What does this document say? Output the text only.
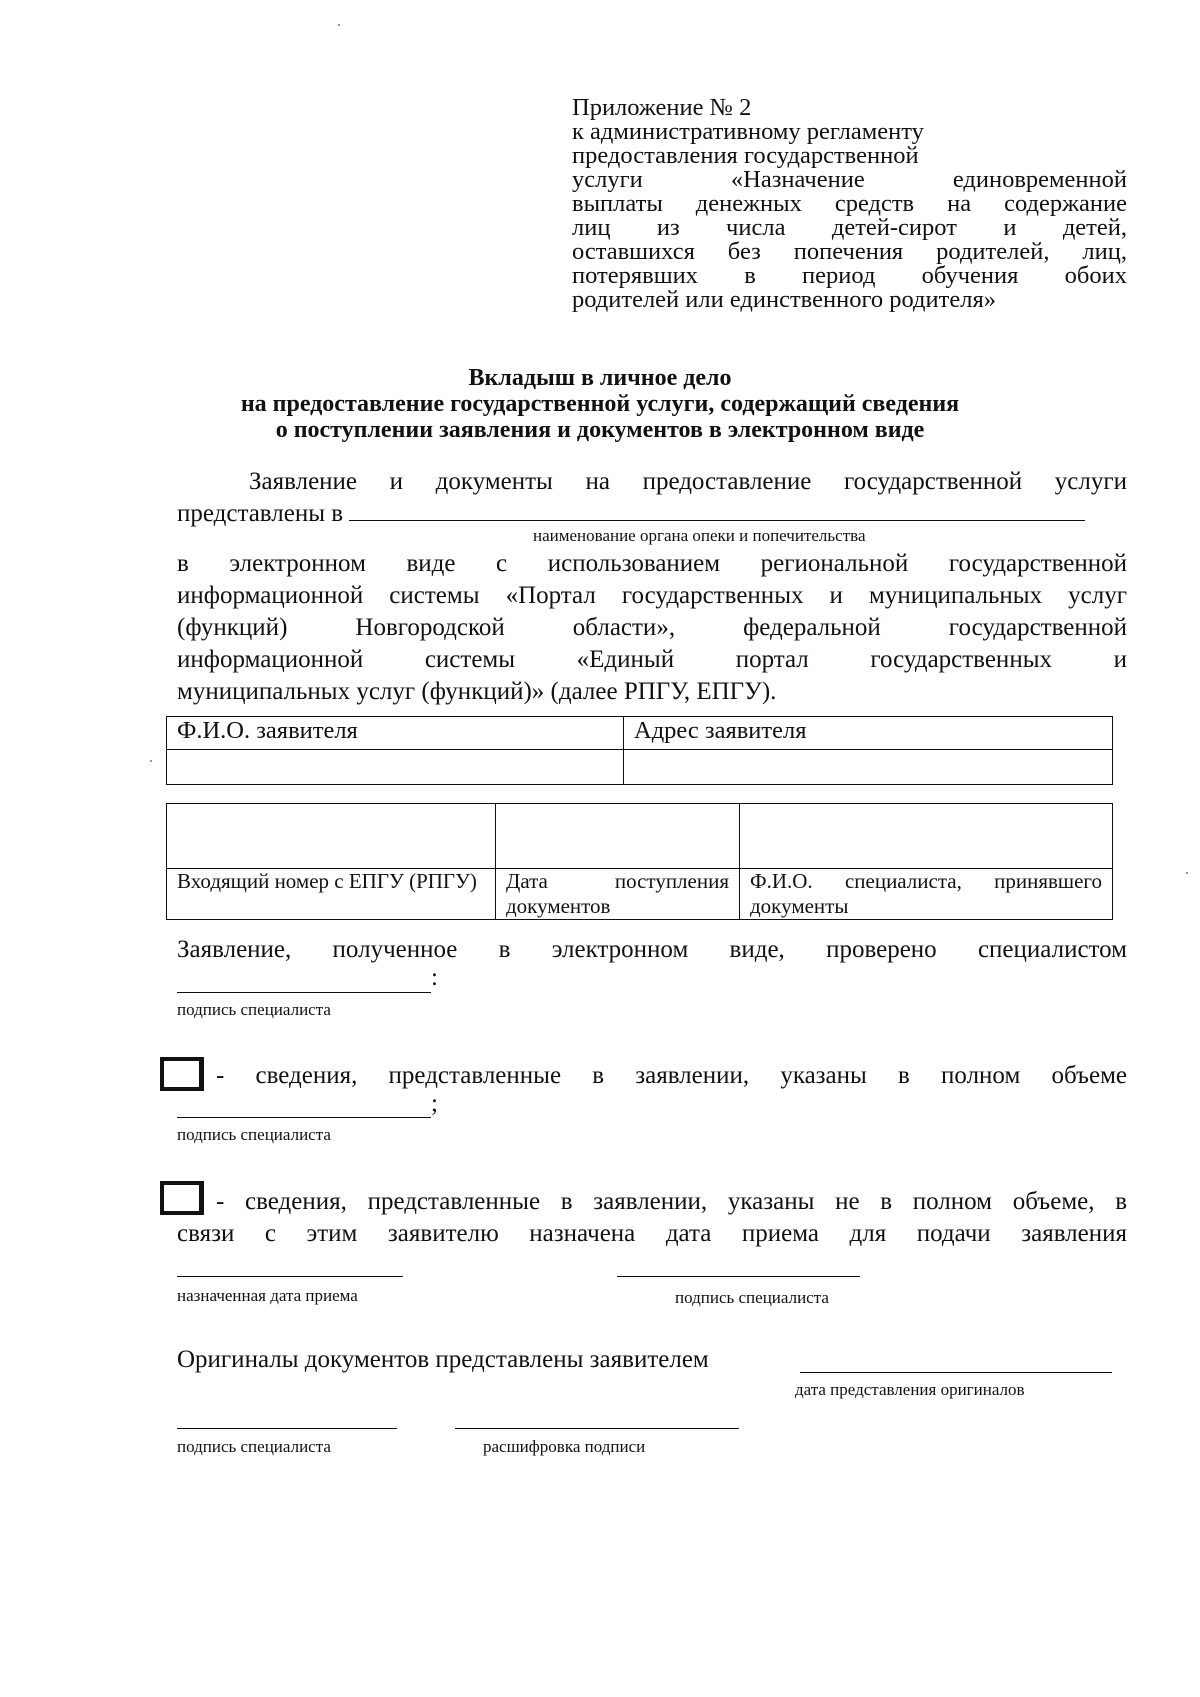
Приложение № 2
к административному регламенту
предоставления государственной
услуги «Назначение единовременной
выплаты денежных средств на содержание
лиц из числа детей-сирот и детей,
оставшихся без попечения родителей, лиц,
потерявших в период обучения обоих
родителей или единственного родителя»
Вкладыш в личное дело
на предоставление государственной услуги, содержащий сведения
о поступлении заявления и документов в электронном виде
Заявление и документы на предоставление государственной услуги
представлены в
наименование органа опеки и попечительства
в электронном виде с использованием региональной государственной
информационной системы «Портал государственных и муниципальных услуг
(функций) Новгородской области», федеральной государственной
информационной системы «Единый портал государственных и
муниципальных услуг (функций)» (далее РПГУ, ЕПГУ).
Ф.И.О. заявителя	Адрес заявителя

Входящий номер с ЕПГУ (РПГУ)	Дата поступления документов	Ф.И.О. специалиста, принявшего документы
Заявление, полученное в электронном виде, проверено специалистом
:
подпись специалиста
- сведения, представленные в заявлении, указаны в полном объеме
;
подпись специалиста
- сведения, представленные в заявлении, указаны не в полном объеме, в
связи с этим заявителю назначена дата приема для подачи заявления
назначенная дата приема	подпись специалиста
Оригиналы документов представлены заявителем
дата представления оригиналов
подпись специалиста	расшифровка подписи
